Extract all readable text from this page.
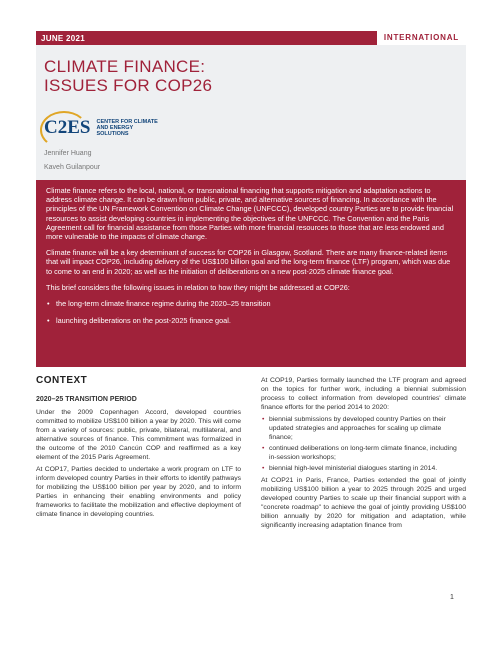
JUNE 2021	INTERNATIONAL
CLIMATE FINANCE:
ISSUES FOR COP26
C2ES CENTER FOR CLIMATE
AND ENERGY SOLUTIONS
Jennifer Huang
Kaveh Guilanpour

Climate finance refers to the local, national, or transnational financing that supports mitigation and adaptation actions to address climate change. It can be drawn from public, private, and alternative sources of financing. In accordance with the principles of the UN Framework Convention on Climate Change (UNFCCC), developed country Parties are to provide financial resources to assist developing countries in implementing the objectives of the UNFCCC. The Convention and the Paris Agreement call for financial assistance from those Parties with more financial resources to those that are less endowed and more vulnerable to the impacts of climate change.

Climate finance will be a key determinant of success for COP26 in Glasgow, Scotland. There are many finance-related items that will impact COP26, including delivery of the US$100 billion goal and the long-term finance (LTF) program, which was due to come to an end in 2020; as well as the initiation of deliberations on a new post-2025 climate finance goal.

This brief considers the following issues in relation to how they might be addressed at COP26:

• the long-term climate finance regime during the 2020–25 transition
• launching deliberations on the post-2025 finance goal.
CONTEXT
2020–25 TRANSITION PERIOD

Under the 2009 Copenhagen Accord, developed countries committed to mobilize US$100 billion a year by 2020. This will come from a variety of sources: public, private, bilateral, multilateral, and alternative sources of finance. This commitment was formalized in the outcome of the 2010 Cancún COP and reaffirmed as a key element of the 2015 Paris Agreement.

At COP17, Parties decided to undertake a work program on LTF to inform developed country Parties in their efforts to identify pathways for mobilizing the US$100 billion per year by 2020, and to inform Parties in enhancing their enabling environments and policy frameworks to facilitate the mobilization and effective deployment of climate finance in developing countries.

At COP19, Parties formally launched the LTF program and agreed on the topics for further work, including a biennial submission process to collect information from developed countries' climate finance efforts for the period 2014 to 2020:

• biennial submissions by developed country Parties on their updated strategies and approaches for scaling up climate finance;
• continued deliberations on long-term climate finance, including in-session workshops;
• biennial high-level ministerial dialogues starting in 2014.

At COP21 in Paris, France, Parties extended the goal of jointly mobilizing US$100 billion a year to 2025 through 2025 and urged developed country Parties to scale up their financial support with a "concrete roadmap" to achieve the goal of jointly providing US$100 billion annually by 2020 for mitigation and adaptation, while significantly increasing adaptation finance from

1
